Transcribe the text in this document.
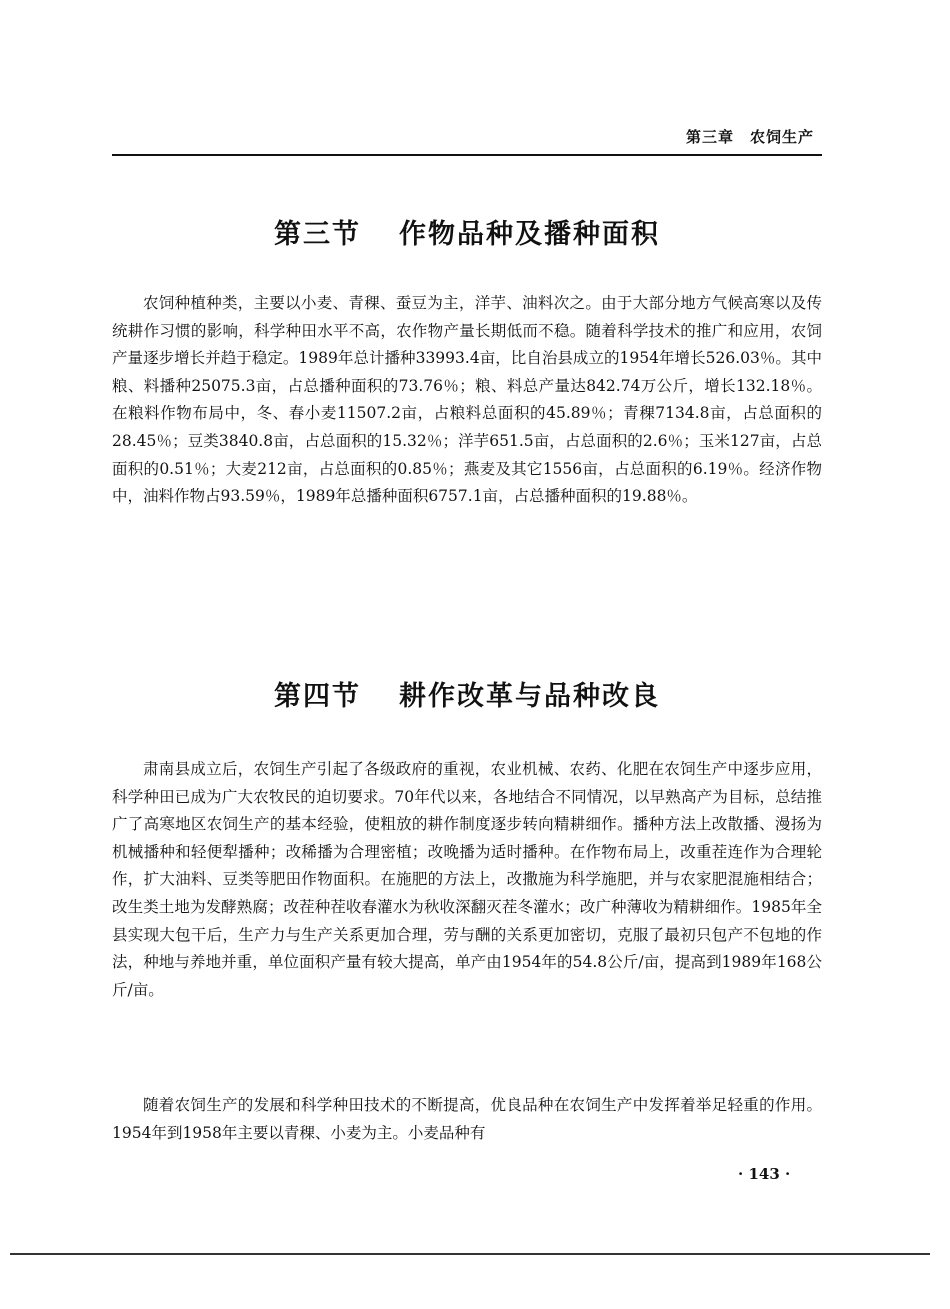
第三章　农饲生产
第三节 作物品种及播种面积

农饲种植种类，主要以小麦、青稞、蚕豆为主，洋芋、油料次之。由于大部分地方气候高寒以及传统耕作习惯的影响，科学种田水平不高，农作物产量长期低而不稳。随着科学技术的推广和应用，农饲产量逐步增长并趋于稳定。1989年总计播种33993.4亩，比自治县成立的1954年增长526.03％。其中粮、料播种25075.3亩，占总播种面积的73.76％；粮、料总产量达842.74万公斤，增长132.18％。在粮料作物布局中，冬、春小麦11507.2亩，占粮料总面积的45.89％；青稞7134.8亩，占总面积的28.45％；豆类3840.8亩，占总面积的15.32％；洋芋651.5亩，占总面积的2.6％；玉米127亩，占总面积的0.51％；大麦212亩，占总面积的0.85％；燕麦及其它1556亩，占总面积的6.19％。经济作物中，油料作物占93.59％，1989年总播种面积6757.1亩，占总播种面积的19.88％。

第四节 耕作改革与品种改良

肃南县成立后，农饲生产引起了各级政府的重视，农业机械、农药、化肥在农饲生产中逐步应用，科学种田已成为广大农牧民的迫切要求。70年代以来，各地结合不同情况，以早熟高产为目标，总结推广了高寒地区农饲生产的基本经验，使粗放的耕作制度逐步转向精耕细作。播种方法上改散播、漫扬为机械播种和轻便犁播种；改稀播为合理密植；改晚播为适时播种。在作物布局上，改重茬连作为合理轮作，扩大油料、豆类等肥田作物面积。在施肥的方法上，改撒施为科学施肥，并与农家肥混施相结合；改生类土地为发酵熟腐；改茬种茬收春灌水为秋收深翻灭茬冬灌水；改广种薄收为精耕细作。1985年全县实现大包干后，生产力与生产关系更加合理，劳与酬的关系更加密切，克服了最初只包产不包地的作法，种地与养地并重，单位面积产量有较大提高，单产由1954年的54.8公斤/亩，提高到1989年168公斤/亩。

随着农饲生产的发展和科学种田技术的不断提高，优良品种在农饲生产中发挥着举足轻重的作用。1954年到1958年主要以青稞、小麦为主。小麦品种有

· 143 ·
